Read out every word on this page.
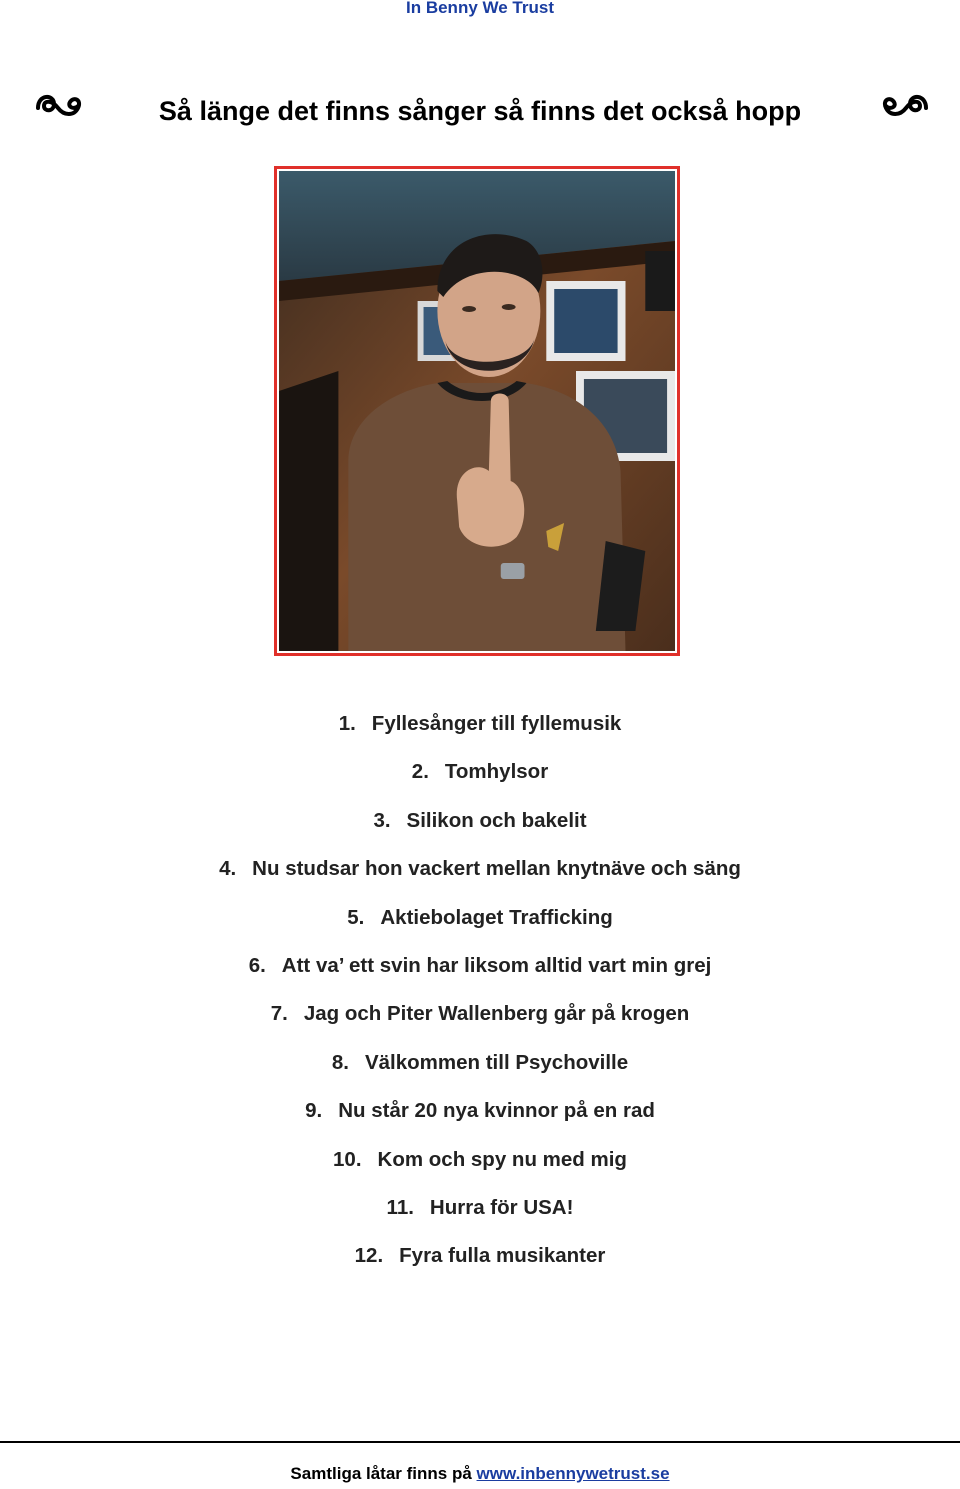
In Benny We Trust
Så länge det finns sånger så finns det också hopp
1. Fyllesånger till fyllemusik
2. Tomhylsor
3. Silikon och bakelit
4. Nu studsar hon vackert mellan knytnäve och säng
5. Aktiebolaget Trafficking
6. Att va’ ett svin har liksom alltid vart min grej
7. Jag och Piter Wallenberg går på krogen
8. Välkommen till Psychoville
9. Nu står 20 nya kvinnor på en rad
10. Kom och spy nu med mig
11. Hurra för USA!
12. Fyra fulla musikanter
Samtliga låtar finns på www.inbennywetrust.se
